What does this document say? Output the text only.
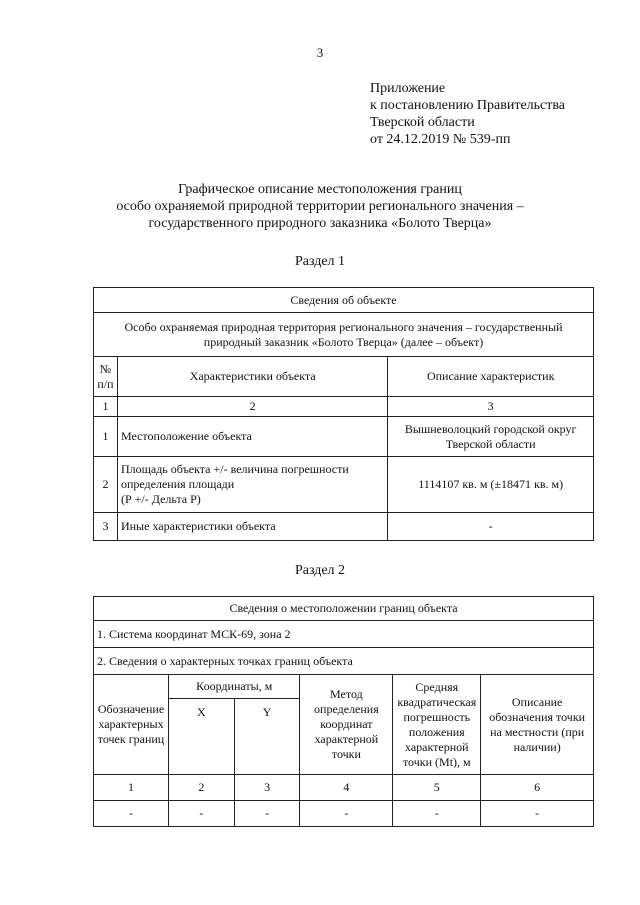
3
Приложение
к постановлению Правительства
Тверской области
от 24.12.2019 № 539-пп
Графическое описание местоположения границ
особо охраняемой природной территории регионального значения –
государственного природного заказника «Болото Тверца»
Раздел 1
Сведения об объекте		
Особо охраняемая природная территория регионального значения – государственный природный заказник «Болото Тверца» (далее – объект)		
№ п/п	Характеристики объекта	Описание характеристик
1	2	3
1	Местоположение объекта	Вышневолоцкий городской округ Тверской области
2	Площадь объекта +/- величина погрешности
определения площади
(Р +/- Дельта Р)	1114107 кв. м (±18471 кв. м)
3	Иные характеристики объекта	-
Раздел 2
Сведения о местоположении границ объекта					
1. Система координат МСК-69, зона 2					
2. Сведения о характерных точках границ объекта					
Обозначение характерных точек границ	Координаты, м		Метод определения координат характерной точки	Средняя квадратическая погрешность положения характерной точки (Mt), м	Описание обозначения точки на местности (при наличии)
	X	Y			
1	2	3	4	5	6
-	-	-	-	-	-
